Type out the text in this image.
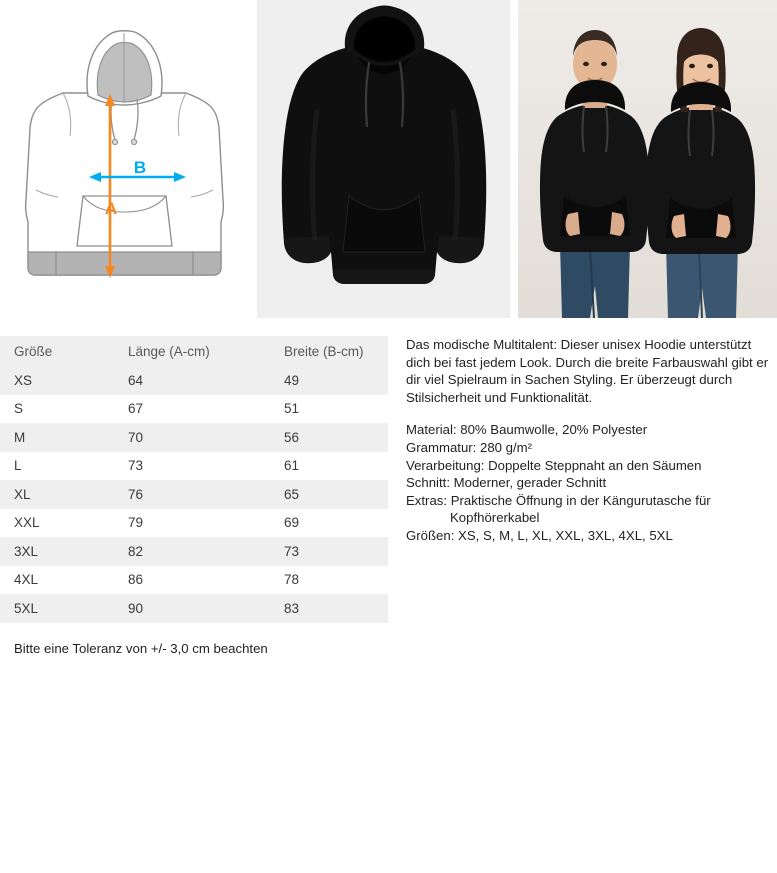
A
B
Größe	Länge (A-cm)	Breite (B-cm)
XS	64	49
S	67	51
M	70	56
L	73	61
XL	76	65
XXL	79	69
3XL	82	73
4XL	86	78
5XL	90	83
Bitte eine Toleranz von +/- 3,0 cm beachten

Das modische Multitalent: Dieser unisex Hoodie unterstützt dich bei fast jedem Look. Durch die breite Farbauswahl gibt er dir viel Spielraum in Sachen Styling. Er überzeugt durch Stilsicherheit und Funktionalität.

Material: 80% Baumwolle, 20% Polyester

Grammatur: 280 g/m²

Verarbeitung: Doppelte Steppnaht an den Säumen

Schnitt: Moderner, gerader Schnitt

Extras: Praktische Öffnung in der Kängurutasche für

Kopfhörerkabel

Größen: XS, S, M, L, XL, XXL, 3XL, 4XL, 5XL
